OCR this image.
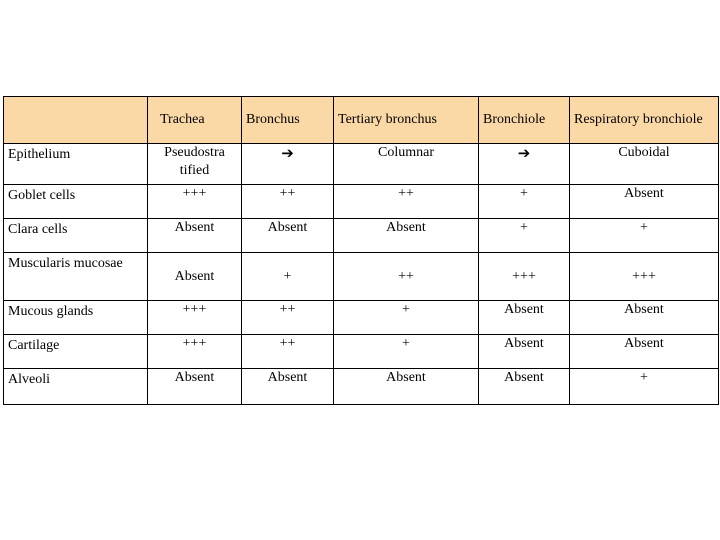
	Trachea	Bronchus	Tertiary bronchus	Bronchiole	Respiratory bronchiole
Epithelium	Pseudostra tified	➔	Columnar	➔	Cuboidal
Goblet cells	+++	++	++	+	Absent
Clara cells	Absent	Absent	Absent	+	+
Muscularis mucosae	Absent	+	++	+++	+++
Mucous glands	+++	++	+	Absent	Absent
Cartilage	+++	++	+	Absent	Absent
Alveoli	Absent	Absent	Absent	Absent	+
